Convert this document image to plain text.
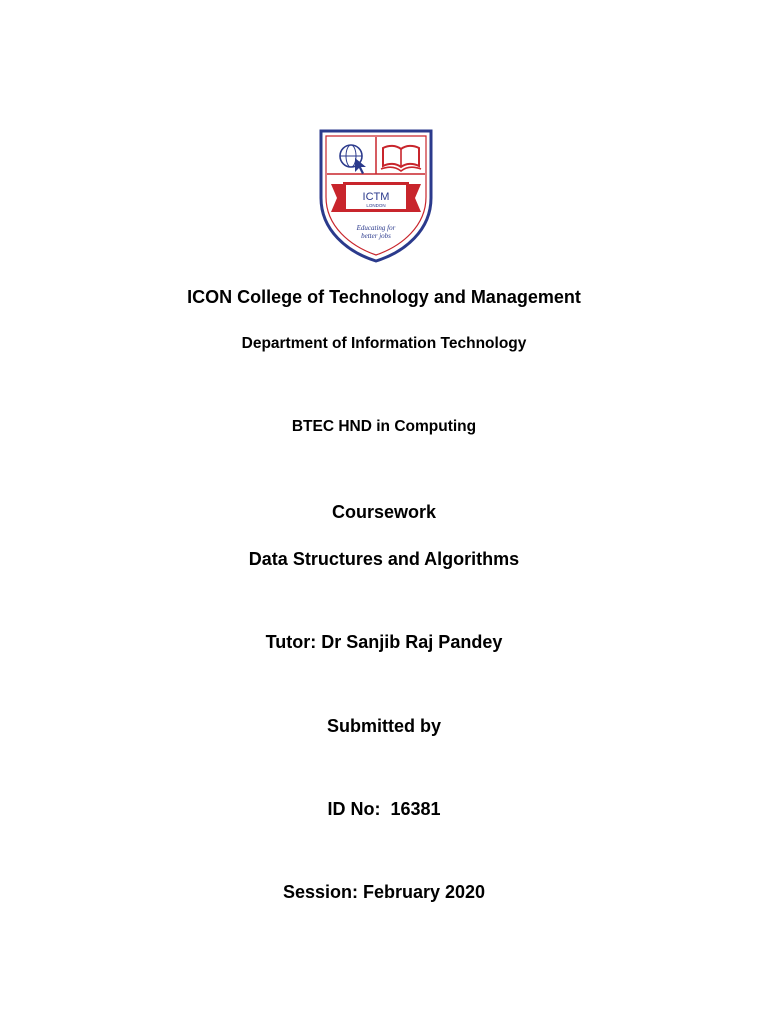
ICTM
LONDON
Educating for better jobs
ICON College of Technology and Management
Department of Information Technology
BTEC HND in Computing
Coursework
Data Structures and Algorithms
Tutor: Dr Sanjib Raj Pandey
Submitted by
ID No:  16381
Session: February 2020
